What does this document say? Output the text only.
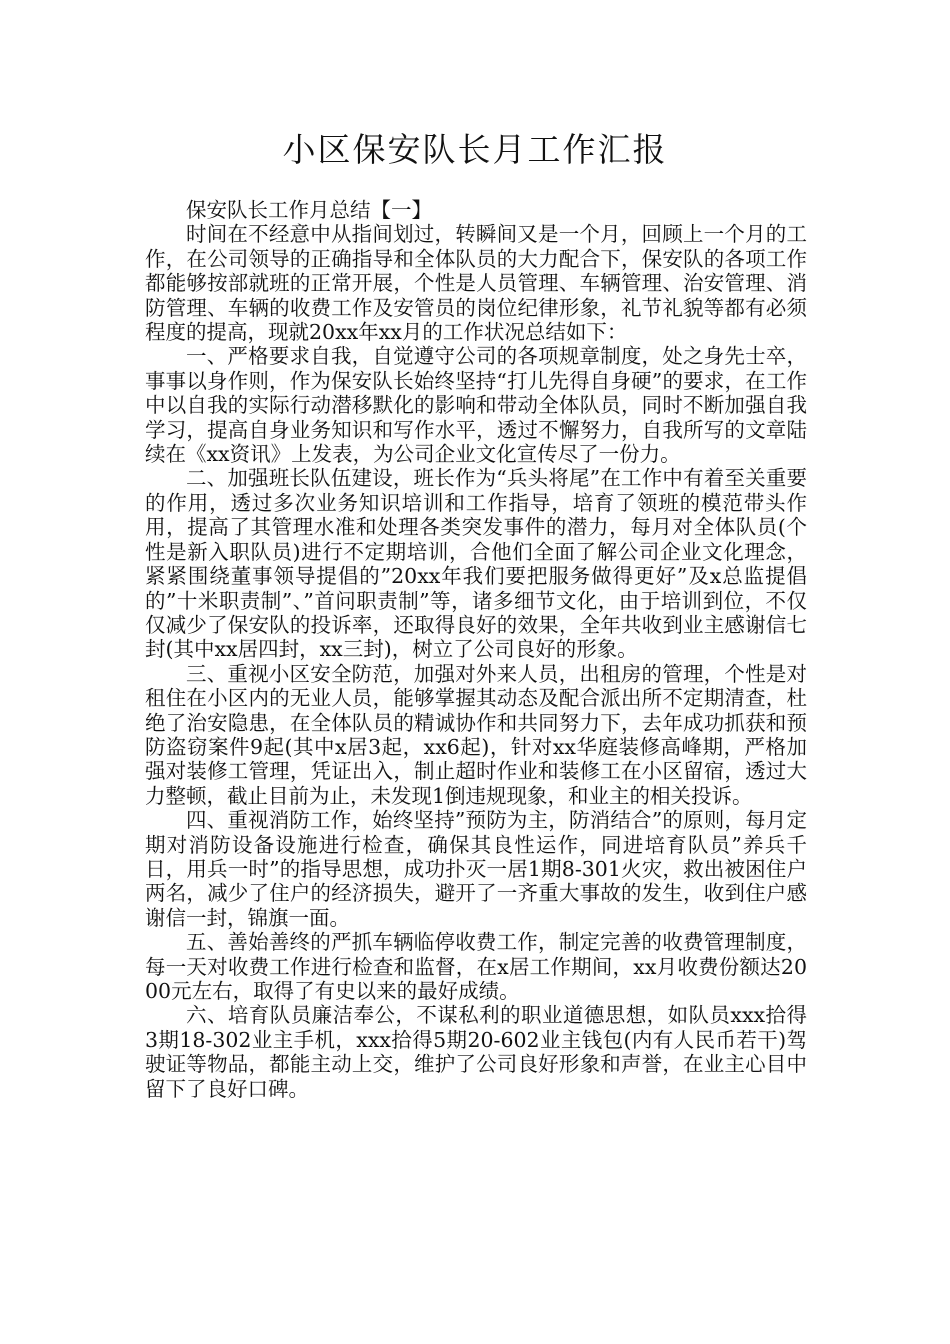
小区保安队长月工作汇报

保安队长工作月总结【一】

时间在不经意中从指间划过，转瞬间又是一个月，回顾上一个月的工作，在公司领导的正确指导和全体队员的大力配合下，保安队的各项工作都能够按部就班的正常开展，个性是人员管理、车辆管理、治安管理、消防管理、车辆的收费工作及安管员的岗位纪律形象，礼节礼貌等都有必须程度的提高，现就20xx年xx月的工作状况总结如下：

一、严格要求自我，自觉遵守公司的各项规章制度，处之身先士卒，事事以身作则，作为保安队长始终坚持“打儿先得自身硬”的要求，在工作中以自我的实际行动潜移默化的影响和带动全体队员，同时不断加强自我学习，提高自身业务知识和写作水平，透过不懈努力，自我所写的文章陆续在《xx资讯》上发表，为公司企业文化宣传尽了一份力。

二、加强班长队伍建设，班长作为“兵头将尾”在工作中有着至关重要的作用，透过多次业务知识培训和工作指导，培育了领班的模范带头作用，提高了其管理水准和处理各类突发事件的潜力，每月对全体队员(个性是新入职队员)进行不定期培训，合他们全面了解公司企业文化理念，紧紧围绕董事领导提倡的”20xx年我们要把服务做得更好”及x总监提倡的”十米职责制”、”首问职责制”等，诸多细节文化，由于培训到位，不仅仅减少了保安队的投诉率，还取得良好的效果，全年共收到业主感谢信七封(其中xx居四封，xx三封)，树立了公司良好的形象。

三、重视小区安全防范，加强对外来人员，出租房的管理，个性是对租住在小区内的无业人员，能够掌握其动态及配合派出所不定期清查，杜绝了治安隐患，在全体队员的精诚协作和共同努力下，去年成功抓获和预防盗窃案件9起(其中x居3起，xx6起)，针对xx华庭装修高峰期，严格加强对装修工管理，凭证出入，制止超时作业和装修工在小区留宿，透过大力整顿，截止目前为止，未发现1倒违规现象，和业主的相关投诉。

四、重视消防工作，始终坚持”预防为主，防消结合”的原则，每月定期对消防设备设施进行检查，确保其良性运作，同进培育队员”养兵千日，用兵一时”的指导思想，成功扑灭一居1期8-301火灾，救出被困住户两名，减少了住户的经济损失，避开了一齐重大事故的发生，收到住户感谢信一封，锦旗一面。

五、善始善终的严抓车辆临停收费工作，制定完善的收费管理制度，每一天对收费工作进行检查和监督，在x居工作期间，xx月收费份额达2000元左右，取得了有史以来的最好成绩。

六、培育队员廉洁奉公，不谋私利的职业道德思想，如队员xxx拾得3期18-302业主手机，xxx拾得5期20-602业主钱包(内有人民币若干)驾驶证等物品，都能主动上交，维护了公司良好形象和声誉，在业主心目中留下了良好口碑。
